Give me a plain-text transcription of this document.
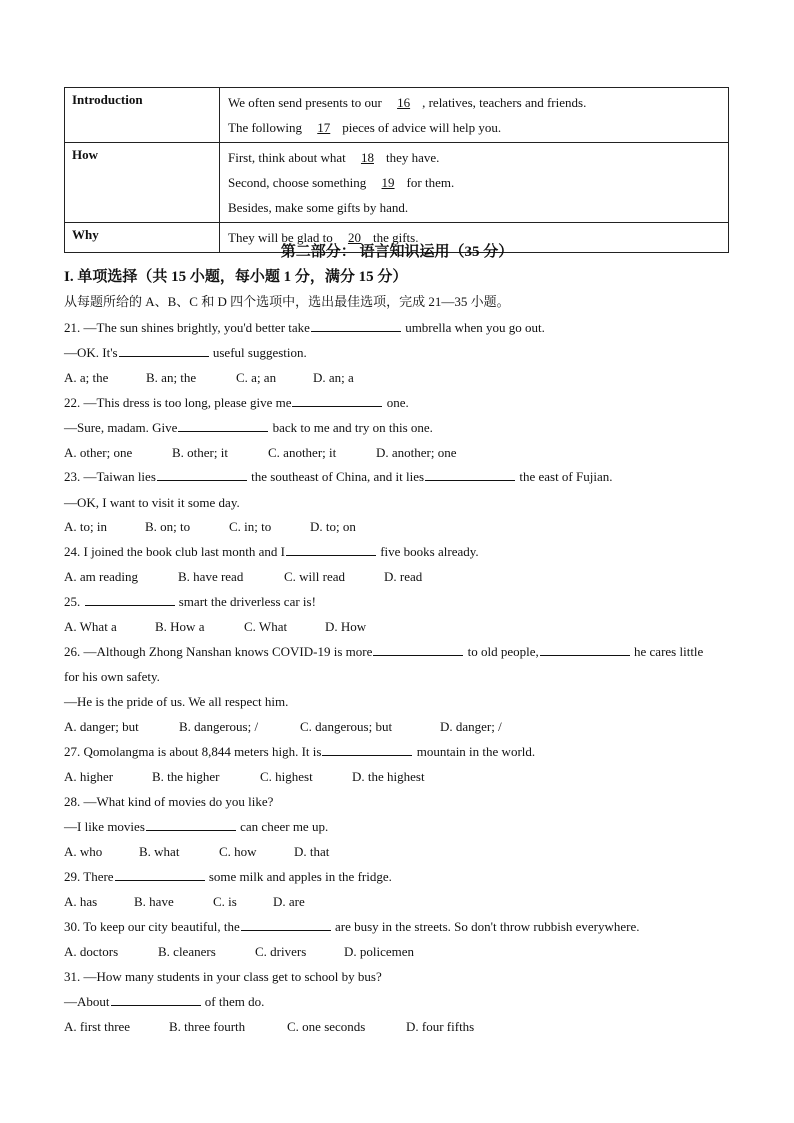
Introduction	We often send presents to our 16 , relatives, teachers and friends.
The following 17 pieces of advice will help you.

How	First, think about what 18 they have.
Second, choose something 19 for them.
Besides, make some gifts by hand.

Why	They will be glad to 20 the gifts.
第二部分： 语言知识运用（35 分）
I. 单项选择（共 15 小题，每小题 1 分，满分 15 分）
从每题所给的 A、B、C 和 D 四个选项中，选出最佳选项，完成 21—35 小题。
21. —The sun shines brightly, you'd better take	umbrella when you go out.
—OK. It's	useful suggestion.
A. a; the	B. an; the	C. a; an	D. an; a
22. —This dress is too long, please give me	one.
—Sure, madam. Give	back to me and try on this one.
A. other; one	B. other; it	C. another; it	D. another; one
23. —Taiwan lies	the southeast of China, and it lies	the east of Fujian.
—OK, I want to visit it some day.
A. to; in	B. on; to	C. in; to	D. to; on
24. I joined the book club last month and I	five books already.
A. am reading	B. have read	C. will read	D. read
25.	smart the driverless car is!
A. What a	B. How a	C. What	D. How
26. —Although Zhong Nanshan knows COVID-19 is more	to old people,	he cares little
for his own safety.
—He is the pride of us. We all respect him.
A. danger; but	B. dangerous; /	C. dangerous; but	D. danger; /
27. Qomolangma is about 8,844 meters high. It is	mountain in the world.
A. higher	B. the higher	C. highest	D. the highest
28. —What kind of movies do you like?
—I like movies	can cheer me up.
A. who	B. what	C. how	D. that
29. There	some milk and apples in the fridge.
A. has	B. have	C. is	D. are
30. To keep our city beautiful, the	are busy in the streets. So don't throw rubbish everywhere.
A. doctors	B. cleaners	C. drivers	D. policemen
31. —How many students in your class get to school by bus?
—About	of them do.
A. first three	B. three fourth	C. one seconds	D. four fifths
